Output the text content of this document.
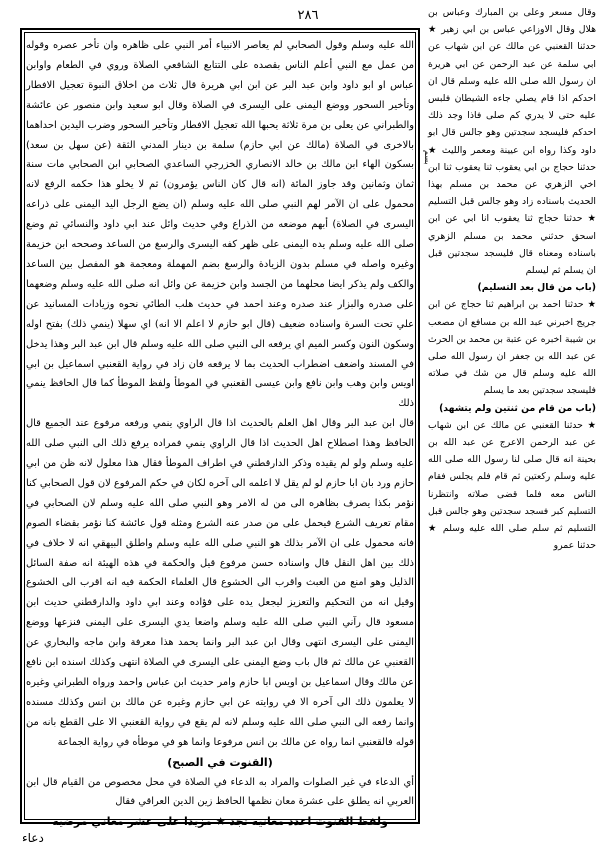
٢٨٦

الله عليه وسلم وقول الصحابي لم يعاصر الانبياء أمر النبي على ظاهره وان تأخر عصره وقوله من عمل مع النبي أعلم الناس بقصده على التتابع الشافعي الصلاة وروي في الطعام واوابن عباس او ابو داود وابن عبد البر عن ابن ابي هريرة قال ثلاث من اخلاق النبوة تعجيل الافطار وتأخير السحور ووضع اليمنى على اليسرى في الصلاة وقال ابو سعيد وابن منصور عن عائشة والطبراني عن يعلى بن مرة ثلاثة يحبها الله تعجيل الافطار وتأخير السحور وضرب اليدين احداهما بالاخرى في الصلاة (مالك عن ابي حازم) سلمة بن دينار المدني الثقة (عن سهل بن سعد) بسكون الهاء ابن مالك بن خالد الانصاري الخزرجي الساعدي الصحابي ابن الصحابي مات سنة ثمان وثمانين وقد جاوز المائة (انه قال كان الناس يؤمرون) ثم لا يخلو هذا حكمه الرفع لانه محمول على ان الآمر لهم النبي صلى الله عليه وسلم (ان يضع الرجل اليد اليمنى على ذراعه اليسرى في الصلاة) أبهم موضعه من الذراع وفي حديث وائل عند ابي داود والنسائي ثم وضع صلى الله عليه وسلم يده اليمنى على ظهر كفه اليسرى والرسغ من الساعد وصححه ابن خزيمة وغيره واصله في مسلم بدون الزيادة والرسغ بضم المهملة ومعجمة هو المفصل بين الساعد والكف ولم يذكر ايضا محلهما من الجسد وابن خزيمة عن وائل انه صلى الله عليه وسلم وضعهما على صدره والبزار عند صدره وعند احمد في حديث هلب الطائي نحوه وزيادات المسانيد عن علي تحت السرة واسناده ضعيف (قال ابو حازم لا اعلم الا انه) اي سهلا (ينمي ذلك) بفتح اوله وسكون النون وكسر الميم اي يرفعه الى النبي صلى الله عليه وسلم قال ابن عبد البر وهذا يدخل في المسند واضعف اضطراب الحديث بما لا يرفعه فان زاد في رواية القعنبي اسماعيل بن ابي اويس وابن وهب وابن نافع وابن عيسى القعنبي في الموطأ ولفظ الموطأ كما قال الحافظ ينمي ذلك

قال ابن عبد البر وقال اهل العلم بالحديث اذا قال الراوي ينمي ورفعه مرفوع عند الجميع قال الحافظ وهذا اصطلاح اهل الحديث اذا قال الراوي ينمي فمراده يرفع ذلك الى النبي صلى الله عليه وسلم ولو لم يقيده وذكر الدارقطني في اطراف الموطأ فقال هذا معلول لانه ظن من ابي حازم ورد بان ابا حازم لو لم يقل لا اعلمه الى آخره لكان في حكم المرفوع لان قول الصحابي كنا نؤمر بكذا يصرف بظاهره الى من له الامر وهو النبي صلى الله عليه وسلم لان الصحابي في مقام تعريف الشرع فيحمل على من صدر عنه الشرع ومثله قول عائشة كنا نؤمر بقضاء الصوم فانه محمول على ان الآمر بذلك هو النبي صلى الله عليه وسلم واطلق البيهقي انه لا خلاف في ذلك بين اهل النقل قال واسناده حسن مرفوع قيل والحكمة في هذه الهيئة انه صفة السائل الذليل وهو امنع من العبث واقرب الى الخشوع قال العلماء الحكمة فيه انه اقرب الى الخشوع وقيل انه من التحكيم والتعزيز ليجعل يده على فؤاده وعند ابي داود والدارقطني حديث ابن مسعود قال رآني النبي صلى الله عليه وسلم واضعا يدي اليسرى على اليمنى فنزعها ووضع اليمنى على اليسرى انتهى وقال ابن عبد البر وانما يحمد هذا معرفة وابن ماجه والبخاري عن القعنبي عن مالك ثم قال باب وضع اليمنى على اليسرى في الصلاة انتهى وكذلك اسنده ابن نافع عن مالك وقال اسماعيل بن اويس ابا حازم وامر حديث ابن عباس واحمد ورواه الطبراني وغيره لا يعلمون ذلك الى آخره الا في روايته عن ابي حازم وغيره عن مالك بن انس وكذلك مسنده وانما رفعه الى النبي صلى الله عليه وسلم لانه لم يقع في رواية القعنبي الا على القطع بانه من قوله فالقعنبي انما رواه عن مالك بن انس مرفوعا وانما هو في موطأه في رواية الجماعة

(القنوت في الصبح)

أي الدعاء في غير الصلوات والمراد به الدعاء في الصلاة في محل مخصوص من القيام قال ابن العربي انه يطلق على عشرة معان نظمها الحافظ زين الدين العراقي فقال

ولفظ القنوت اعدد معانيه تجد ★ مزيدا على عشر معاني مرضيه

وقال مسعر وعلى بن المبارك وعباس بن هلال وقال الاوزاعي عباس بن ابي زهير ★ حدثنا القعنبي عن مالك عن ابن شهاب عن ابي سلمة عن عبد الرحمن عن ابي هريرة ان رسول الله صلى الله عليه وسلم قال ان احدكم اذا قام يصلي جاءه الشيطان فلبس عليه حتى لا يدري كم صلى فاذا وجد ذلك احدكم فليسجد سجدتين وهو جالس قال ابو داود وكذا رواه ابن عيينة ومعمر والليث ★ حدثنا حجاج بن ابي يعقوب ثنا يعقوب ثنا ابن اخي الزهري عن محمد بن مسلم بهذا الحديث باسناده زاد وهو جالس قبل التسليم ★ حدثنا حجاج ثنا يعقوب انا ابي عن ابن اسحق حدثني محمد بن مسلم الزهري باسناده ومعناه قال فليسجد سجدتين قبل ان يسلم ثم ليسلم

(باب من قال بعد التسليم)

★ حدثنا احمد بن ابراهيم ثنا حجاج عن ابن جريج اخبرني عبد الله بن مسافع ان مصعب بن شيبة اخبره عن عتبة بن محمد بن الحرث عن عبد الله بن جعفر ان رسول الله صلى الله عليه وسلم قال من شك في صلاته فليسجد سجدتين بعد ما يسلم

(باب من قام من ثنتين ولم يتشهد)

★ حدثنا القعنبي عن مالك عن ابن شهاب عن عبد الرحمن الاعرج عن عبد الله بن بحينة انه قال صلى لنا رسول الله صلى الله عليه وسلم ركعتين ثم قام فلم يجلس فقام الناس معه فلما قضى صلاته وانتظرنا التسليم كبر فسجد سجدتين وهو جالس قبل التسليم ثم سلم صلى الله عليه وسلم ★ حدثنا عمرو

بسم
دعاء
